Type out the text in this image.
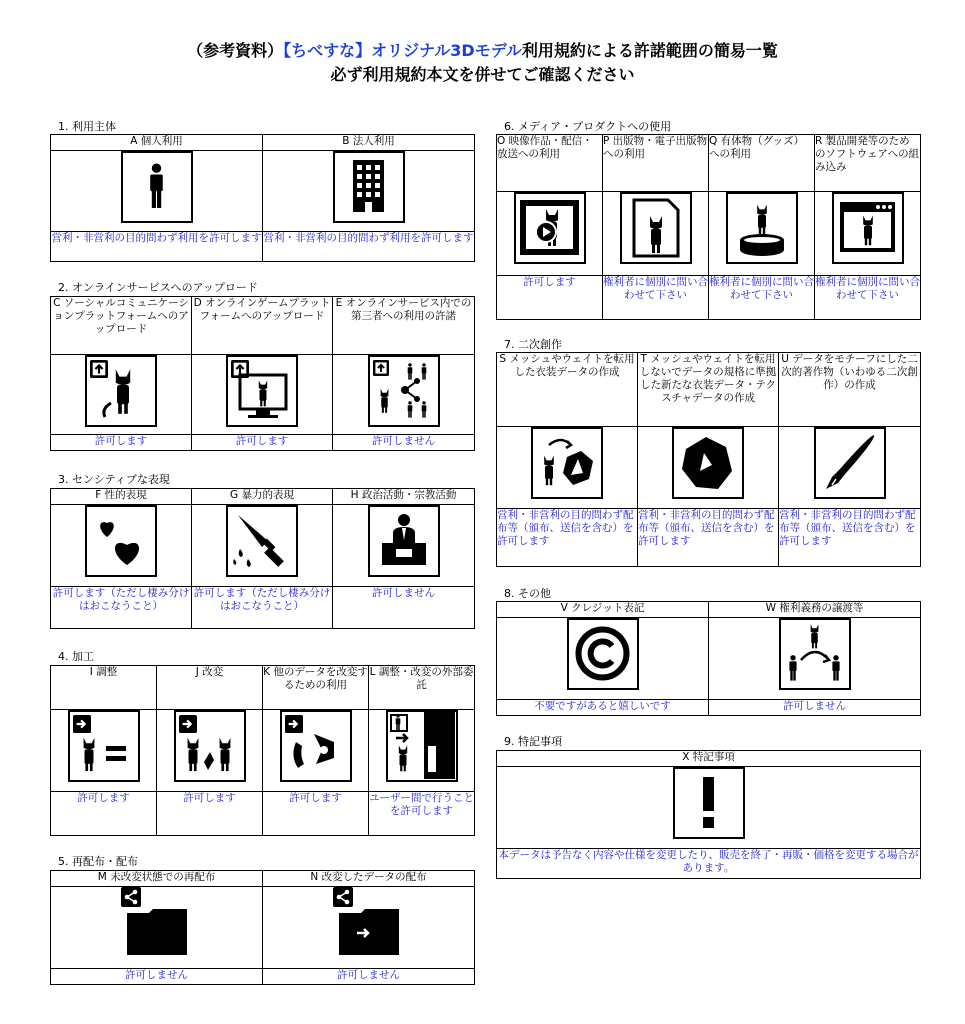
（参考資料）【ちべすな】オリジナル3Dモデル利用規約による許諾範囲の簡易一覧
必ず利用規約本文を併せてご確認ください
1. 利用主体
A 個人利用	B 法人利用

営利・非営利の目的問わず利用を許可します	営利・非営利の目的問わず利用を許可します
2. オンラインサービスへのアップロード
C ソーシャルコミュニケーションプラットフォームへのアップロード	D オンラインゲームプラットフォームへのアップロード	E オンラインサービス内での第三者への利用の許諾

許可します	許可します	許可しません
3. センシティブな表現
F 性的表現	G 暴力的表現	H 政治活動・宗教活動

許可します（ただし棲み分けはおこなうこと）	許可します（ただし棲み分けはおこなうこと）	許可しません
4. 加工
I 調整	J 改変	K 他のデータを改変するための利用	L 調整・改変の外部委託

許可します	許可します	許可します	ユーザー間で行うことを許可します
5. 再配布・配布
M 未改変状態での再配布	N 改変したデータの配布

許可しません	許可しません
6. メディア・プロダクトへの使用
O 映像作品・配信・放送への利用	P 出版物・電子出版物への利用	Q 有体物（グッズ）への利用	R 製品開発等のためのソフトウェアへの組み込み

許可します	権利者に個別に問い合わせて下さい	権利者に個別に問い合わせて下さい	権利者に個別に問い合わせて下さい
7. 二次創作
S メッシュやウェイトを転用した衣装データの作成	T メッシュやウェイトを転用しないでデータの規格に準拠した新たな衣装データ・テクスチャデータの作成	U データをモチーフにした二次的著作物（いわゆる二次創作）の作成

営利・非営利の目的問わず配布等（頒布、送信を含む）を許可します	営利・非営利の目的問わず配布等（頒布、送信を含む）を許可します	営利・非営利の目的問わず配布等（頒布、送信を含む）を許可します
8. その他
V クレジット表記	W 権利義務の譲渡等

不要ですがあると嬉しいです	許可しません
9. 特記事項
X 特記事項

本データは予告なく内容や仕様を変更したり、販売を終了・再販・価格を変更する場合があります。
